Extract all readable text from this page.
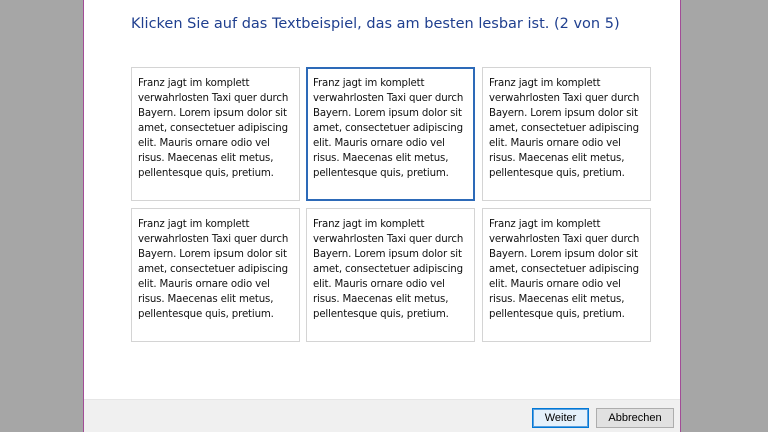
Klicken Sie auf das Textbeispiel, das am besten lesbar ist. (2 von 5)
Franz jagt im komplett
verwahrlosten Taxi quer durch
Bayern. Lorem ipsum dolor sit
amet, consectetuer adipiscing
elit. Mauris ornare odio vel
risus. Maecenas elit metus,
pellentesque quis, pretium.
Franz jagt im komplett
verwahrlosten Taxi quer durch
Bayern. Lorem ipsum dolor sit
amet, consectetuer adipiscing
elit. Mauris ornare odio vel
risus. Maecenas elit metus,
pellentesque quis, pretium.
Franz jagt im komplett
verwahrlosten Taxi quer durch
Bayern. Lorem ipsum dolor sit
amet, consectetuer adipiscing
elit. Mauris ornare odio vel
risus. Maecenas elit metus,
pellentesque quis, pretium.
Franz jagt im komplett
verwahrlosten Taxi quer durch
Bayern. Lorem ipsum dolor sit
amet, consectetuer adipiscing
elit. Mauris ornare odio vel
risus. Maecenas elit metus,
pellentesque quis, pretium.
Franz jagt im komplett
verwahrlosten Taxi quer durch
Bayern. Lorem ipsum dolor sit
amet, consectetuer adipiscing
elit. Mauris ornare odio vel
risus. Maecenas elit metus,
pellentesque quis, pretium.
Franz jagt im komplett
verwahrlosten Taxi quer durch
Bayern. Lorem ipsum dolor sit
amet, consectetuer adipiscing
elit. Mauris ornare odio vel
risus. Maecenas elit metus,
pellentesque quis, pretium.
Weiter	Abbrechen
